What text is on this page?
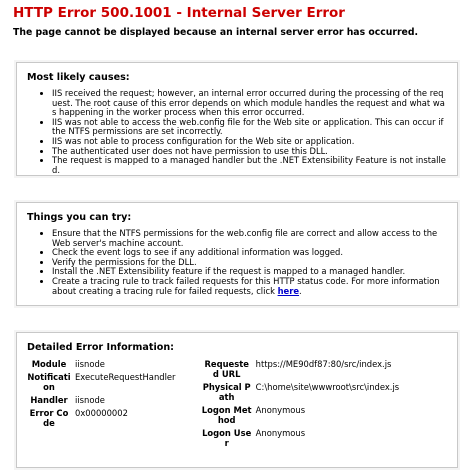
HTTP Error 500.1001 - Internal Server Error
The page cannot be displayed because an internal server error has occurred.
Most likely causes:
• IIS received the request; however, an internal error occurred during the processing of the request. The root cause of this error depends on which module handles the request and what was happening in the worker process when this error occurred.
• IIS was not able to access the web.config file for the Web site or application. This can occur if the NTFS permissions are set incorrectly.
• IIS was not able to process configuration for the Web site or application.
• The authenticated user does not have permission to use this DLL.
• The request is mapped to a managed handler but the .NET Extensibility Feature is not installed.
Things you can try:
• Ensure that the NTFS permissions for the web.config file are correct and allow access to the Web server's machine account.
• Check the event logs to see if any additional information was logged.
• Verify the permissions for the DLL.
• Install the .NET Extensibility feature if the request is mapped to a managed handler.
• Create a tracing rule to track failed requests for this HTTP status code. For more information about creating a tracing rule for failed requests, click here.
Detailed Error Information:
Module	iisnode
Notification	ExecuteRequestHandler
Handler	iisnode
Error Code	0x00000002
Requested URL	https://ME90df87:80/src/index.js
Physical Path	C:\home\site\wwwroot\src\index.js
Logon Method	Anonymous
Logon User	Anonymous
